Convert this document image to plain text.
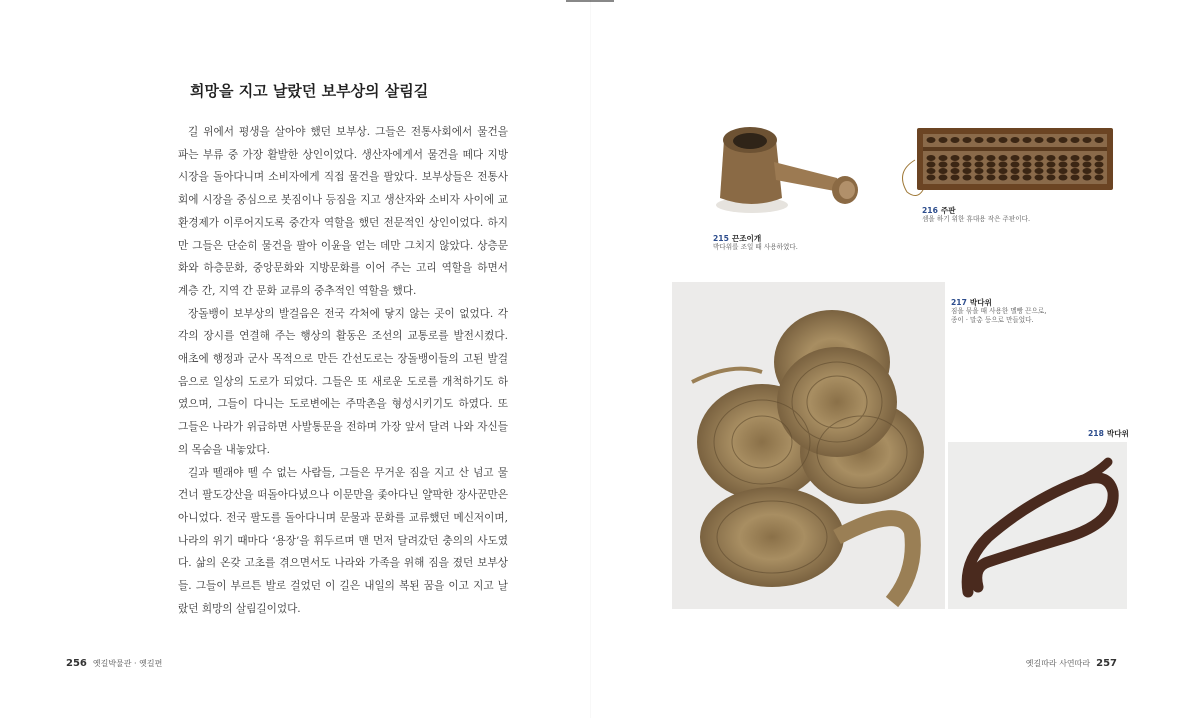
희망을 지고 날랐던 보부상의 살림길

길 위에서 평생을 살아야 했던 보부상. 그들은 전통사회에서 물건을 파는 부류 중 가장 활발한 상인이었다. 생산자에게서 물건을 떼다 지방 시장을 돌아다니며 소비자에게 직접 물건을 팔았다. 보부상들은 전통사회에 시장을 중심으로 봇짐이나 등짐을 지고 생산자와 소비자 사이에 교환경제가 이루어지도록 중간자 역할을 했던 전문적인 상인이었다. 하지만 그들은 단순히 물건을 팔아 이윤을 얻는 데만 그치지 않았다. 상층문화와 하층문화, 중앙문화와 지방문화를 이어 주는 고리 역할을 하면서 계층 간, 지역 간 문화 교류의 중추적인 역할을 했다.

장돌뱅이 보부상의 발걸음은 전국 각처에 닿지 않는 곳이 없었다. 각각의 장시를 연결해 주는 행상의 활동은 조선의 교통로를 발전시켰다. 애초에 행정과 군사 목적으로 만든 간선도로는 장돌뱅이들의 고된 발걸음으로 일상의 도로가 되었다. 그들은 또 새로운 도로를 개척하기도 하였으며, 그들이 다니는 도로변에는 주막촌을 형성시키기도 하였다. 또 그들은 나라가 위급하면 사발통문을 전하며 가장 앞서 달려 나와 자신들의 목숨을 내놓았다.

길과 뗄래야 뗄 수 없는 사람들, 그들은 무거운 짐을 지고 산 넘고 물 건너 팔도강산을 떠돌아다녔으나 이문만을 좇아다닌 얄팍한 장사꾼만은 아니었다. 전국 팔도를 돌아다니며 문물과 문화를 교류했던 메신저이며, 나라의 위기 때마다 ‘용장’을 휘두르며 맨 먼저 달려갔던 충의의 사도였다. 삶의 온갖 고초를 겪으면서도 나라와 가족을 위해 짐을 졌던 보부상들. 그들이 부르튼 발로 걸었던 이 길은 내일의 복된 꿈을 이고 지고 날랐던 희망의 살림길이었다.

256 옛길박물관 · 옛길편
215 끈조이개
박다위를 조일 때 사용하였다.
216 주판
셈을 하기 위한 휴대용 작은 주판이다.
217 박다위
짐을 묶을 때 사용한 멜빵 끈으로,
종이 · 말총 등으로 만들었다.
218 박다위
옛길따라 사연따라 257
